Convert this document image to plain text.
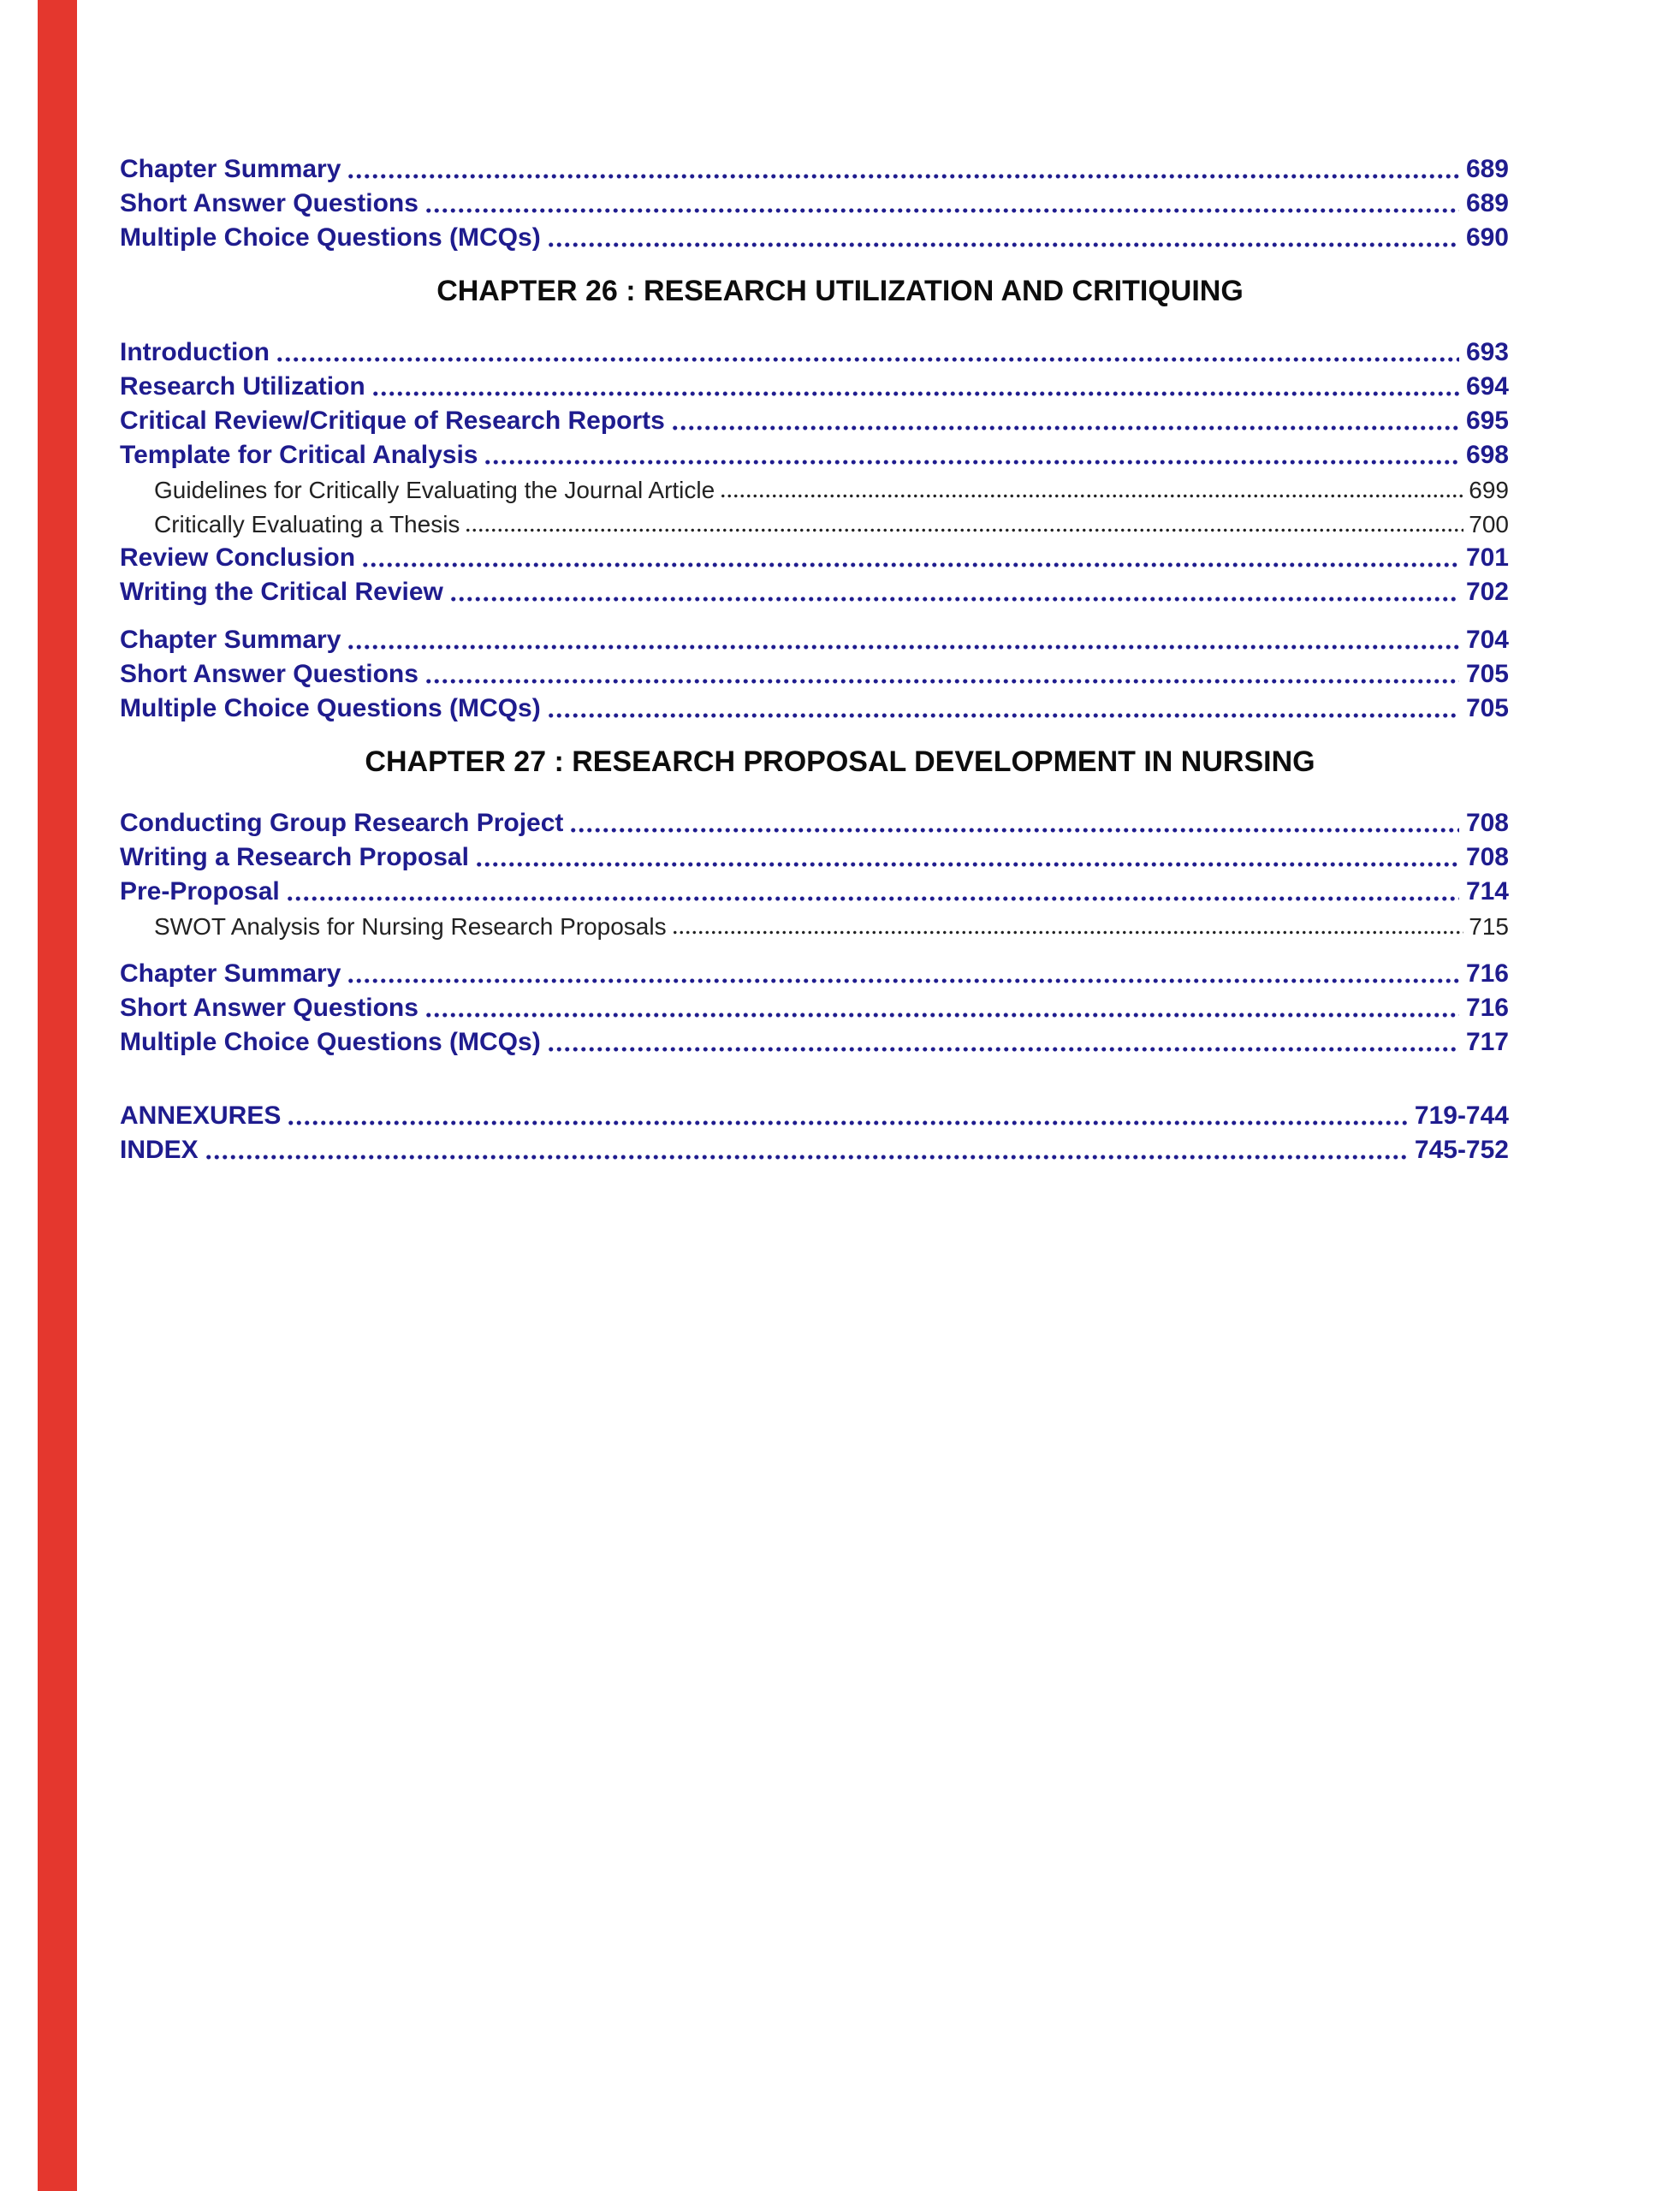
Chapter Summary	689
Short Answer Questions	689
Multiple Choice Questions (MCQs)	690
CHAPTER 26 : RESEARCH UTILIZATION AND CRITIQUING
Introduction	693
Research Utilization	694
Critical Review/Critique of Research Reports	695
Template for Critical Analysis	698
Guidelines for Critically Evaluating the Journal Article	699
Critically Evaluating a Thesis	700
Review Conclusion	701
Writing the Critical Review	702
Chapter Summary	704
Short Answer Questions	705
Multiple Choice Questions (MCQs)	705
CHAPTER 27 : RESEARCH PROPOSAL DEVELOPMENT IN NURSING
Conducting Group Research Project	708
Writing a Research Proposal	708
Pre-Proposal	714
SWOT Analysis for Nursing Research Proposals	715
Chapter Summary	716
Short Answer Questions	716
Multiple Choice Questions (MCQs)	717
ANNEXURES	719-744
INDEX	745-752
